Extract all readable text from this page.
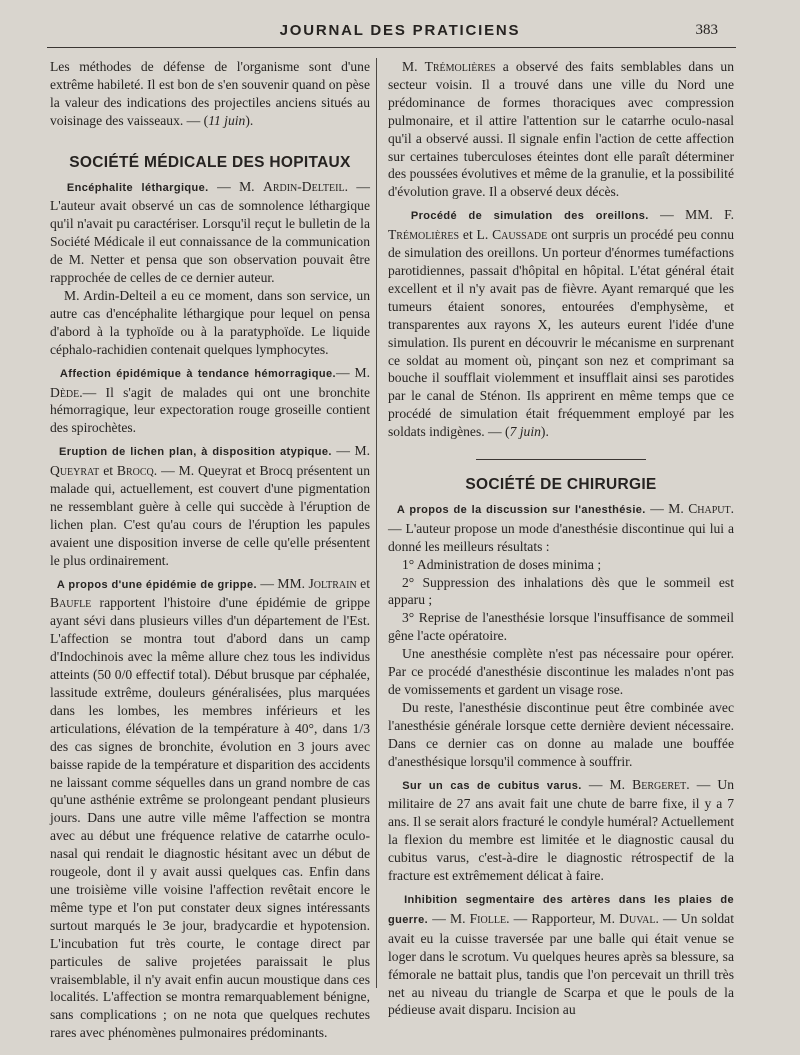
JOURNAL DES PRATICIENS	383

Les méthodes de défense de l'organisme sont d'une extrême habileté. Il est bon de s'en souvenir quand on pèse la valeur des indications des projectiles anciens situés au voisinage des vaisseaux. — (11 juin).

SOCIÉTÉ MÉDICALE DES HOPITAUX

Encéphalite léthargique. — M. Ardin-Delteil. — L'auteur avait observé un cas de somnolence léthargique qu'il n'avait pu caractériser. Lorsqu'il reçut le bulletin de la Société Médicale il eut connaissance de la communication de M. Netter et pensa que son observation pouvait être rapprochée de celles de ce dernier auteur.

M. Ardin-Delteil a eu ce moment, dans son service, un autre cas d'encéphalite léthargique pour lequel on pensa d'abord à la typhoïde ou à la paratyphoïde. Le liquide céphalo-rachidien contenait quelques lymphocytes.

Affection épidémique à tendance hémorragique.— M. Dède.— Il s'agit de malades qui ont une bronchite hémorragique, leur expectoration rouge groseille contient des spirochètes.

Eruption de lichen plan, à disposition atypique. — M. Queyrat et Brocq. — M. Queyrat et Brocq présentent un malade qui, actuellement, est couvert d'une pigmentation ne ressemblant guère à celle qui succède à l'éruption de lichen plan. C'est qu'au cours de l'éruption les papules avaient une disposition inverse de celle qu'elle présentent le plus ordinairement.

A propos d'une épidémie de grippe. — MM. Joltrain et Baufle rapportent l'histoire d'une épidémie de grippe ayant sévi dans plusieurs villes d'un département de l'Est. L'affection se montra tout d'abord dans un camp d'Indochinois avec la même allure chez tous les individus atteints (50 0/0 effectif total). Début brusque par céphalée, lassitude extrême, douleurs généralisées, plus marquées dans les lombes, les membres inférieurs et les articulations, élévation de la température à 40°, dans 1/3 des cas signes de bronchite, évolution en 3 jours avec baisse rapide de la température et disparition des accidents ne laissant comme séquelles dans un grand nombre de cas qu'une asthénie extrême se prolongeant pendant plusieurs jours. Dans une autre ville même l'affection se montra avec au début une fréquence relative de catarrhe oculo-nasal qui rendait le diagnostic hésitant avec un début de rougeole, dont il y avait aussi quelques cas. Enfin dans une troisième ville voisine l'affection revêtait encore le même type et l'on put constater deux signes intéressants surtout marqués le 3e jour, bradycardie et hypotension. L'incubation fut très courte, le contage direct par particules de salive projetées paraissait le plus vraisemblable, il n'y avait enfin aucun moustique dans ces localités. L'affection se montra remarquablement bénigne, sans complications ; on ne nota que quelques rechutes rares avec phénomènes pulmonaires prédominants.

M. Trémolières a observé des faits semblables dans un secteur voisin. Il a trouvé dans une ville du Nord une prédominance de formes thoraciques avec compression pulmonaire, et il attire l'attention sur le catarrhe oculo-nasal qu'il a observé aussi. Il signale enfin l'action de cette affection sur certaines tuberculoses éteintes dont elle paraît déterminer des poussées évolutives et même de la granulie, et la possibilité d'évolution grave. Il a observé deux décès.

Procédé de simulation des oreillons. — MM. F. Trémolières et L. Caussade ont surpris un procédé peu connu de simulation des oreillons. Un porteur d'énormes tuméfactions parotidiennes, passait d'hôpital en hôpital. L'état général était excellent et il n'y avait pas de fièvre. Ayant remarqué que les tumeurs étaient sonores, entourées d'emphysème, et transparentes aux rayons X, les auteurs eurent l'idée d'une simulation. Ils purent en découvrir le mécanisme en surprenant ce soldat au moment où, pinçant son nez et comprimant sa bouche il soufflait violemment et insufflait ainsi ses parotides par le canal de Sténon. Ils apprirent en même temps que ce procédé de simulation était fréquemment employé par les soldats indigènes. — (7 juin).

SOCIÉTÉ DE CHIRURGIE

A propos de la discussion sur l'anesthésie. — M. Chaput. — L'auteur propose un mode d'anesthésie discontinue qui lui a donné les meilleurs résultats :

1° Administration de doses minima ;

2° Suppression des inhalations dès que le sommeil est apparu ;

3° Reprise de l'anesthésie lorsque l'insuffisance de sommeil gêne l'acte opératoire.

Une anesthésie complète n'est pas nécessaire pour opérer. Par ce procédé d'anesthésie discontinue les malades n'ont pas de vomissements et gardent un visage rose.

Du reste, l'anesthésie discontinue peut être combinée avec l'anesthésie générale lorsque cette dernière devient nécessaire. Dans ce dernier cas on donne au malade une bouffée d'anesthésique lorsqu'il commence à souffrir.

Sur un cas de cubitus varus. — M. Bergeret. — Un militaire de 27 ans avait fait une chute de barre fixe, il y a 7 ans. Il se serait alors fracturé le condyle huméral? Actuellement la flexion du membre est limitée et le diagnostic causal du cubitus varus, c'est-à-dire le diagnostic rétrospectif de la fracture est extrêmement délicat à faire.

Inhibition segmentaire des artères dans les plaies de guerre. — M. Fiolle. — Rapporteur, M. Duval. — Un soldat avait eu la cuisse traversée par une balle qui était venue se loger dans le scrotum. Vu quelques heures après sa blessure, sa fémorale ne battait plus, tandis que l'on percevait un thrill très net au niveau du triangle de Scarpa et que le pouls de la pédieuse avait disparu. Incision au
